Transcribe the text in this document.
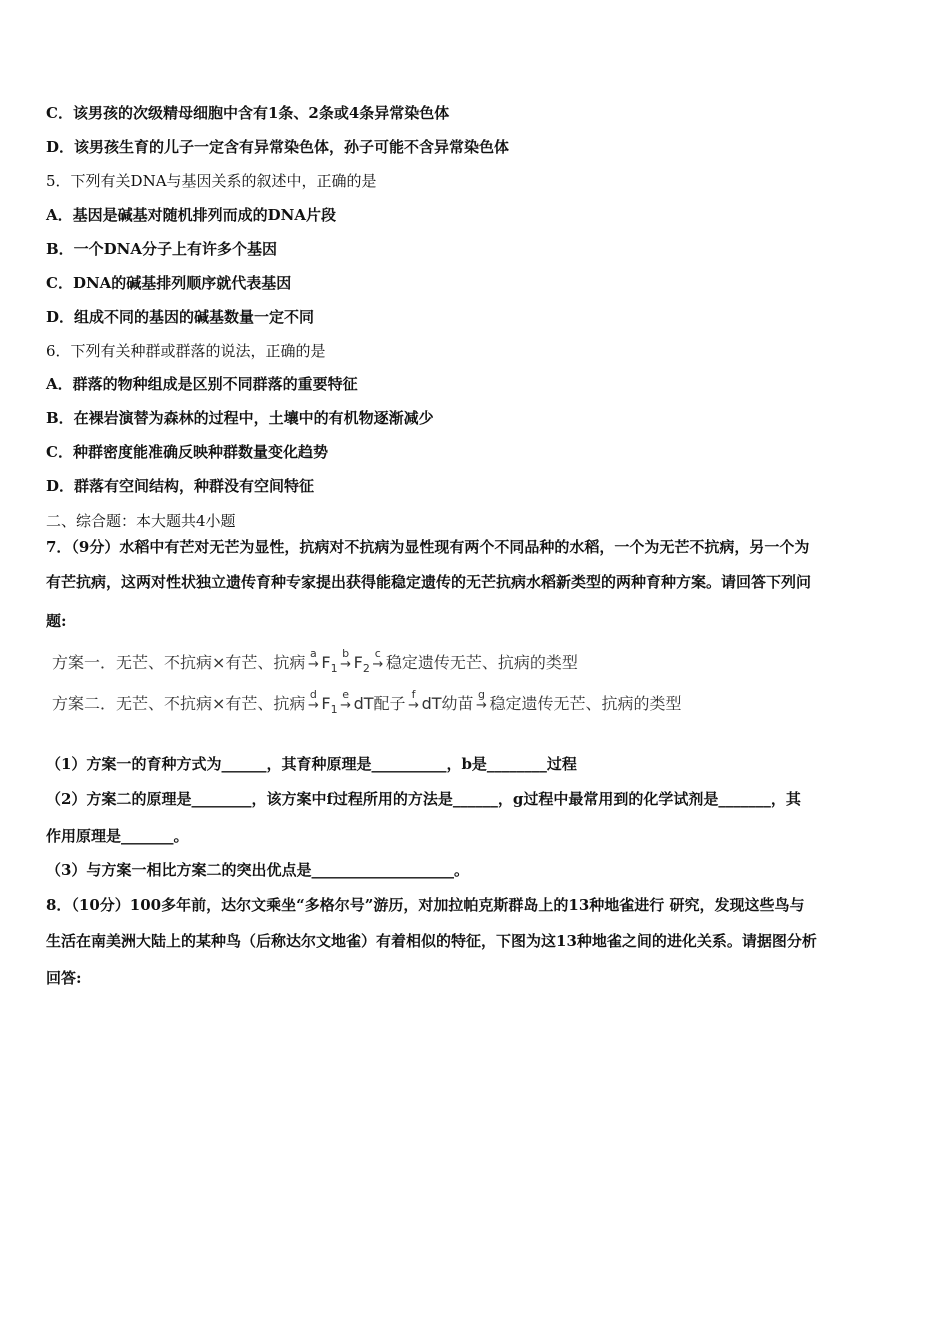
C．该男孩的次级精母细胞中含有1条、2条或4条异常染色体
D．该男孩生育的儿子一定含有异常染色体，孙子可能不含异常染色体
5．下列有关DNA与基因关系的叙述中，正确的是
A．基因是碱基对随机排列而成的DNA片段
B．一个DNA分子上有许多个基因
C．DNA的碱基排列顺序就代表基因
D．组成不同的基因的碱基数量一定不同
6．下列有关种群或群落的说法，正确的是
A．群落的物种组成是区别不同群落的重要特征
B．在裸岩演替为森林的过程中，土壤中的有机物逐渐减少
C．种群密度能准确反映种群数量变化趋势
D．群落有空间结构，种群没有空间特征
二、综合题：本大题共4小题
7．（9分）水稻中有芒对无芒为显性，抗病对不抗病为显性现有两个不同品种的水稻，一个为无芒不抗病，另一个为
有芒抗病，这两对性状独立遗传育种专家提出获得能稳定遗传的无芒抗病水稻新类型的两种育种方案。请回答下列问
题:
方案一．无芒、不抗病×有芒、抗病 a
→ $F_1$
b
→ $F_2$
c
→ 稳定遗传无芒、抗病的类型
方案二．无芒、不抗病×有芒、抗病 d
→ $F_1$
e
→ dT配子 f
→ dT幼苗 g
→ 稳定遗传无芒、抗病的类型
（1）方案一的育种方式为______，其育种原理是__________，b是________过程
（2）方案二的原理是________，该方案中f过程所用的方法是______，g过程中最常用到的化学试剂是_______，其
作用原理是_______。
（3）与方案一相比方案二的突出优点是___________________。
8．（10分）100多年前，达尔文乘坐“多格尔号”游历，对加拉帕克斯群岛上的13种地雀进行 研究，发现这些鸟与
生活在南美洲大陆上的某种鸟（后称达尔文地雀）有着相似的特征，下图为这13种地雀之间的进化关系。请据图分析
回答:
